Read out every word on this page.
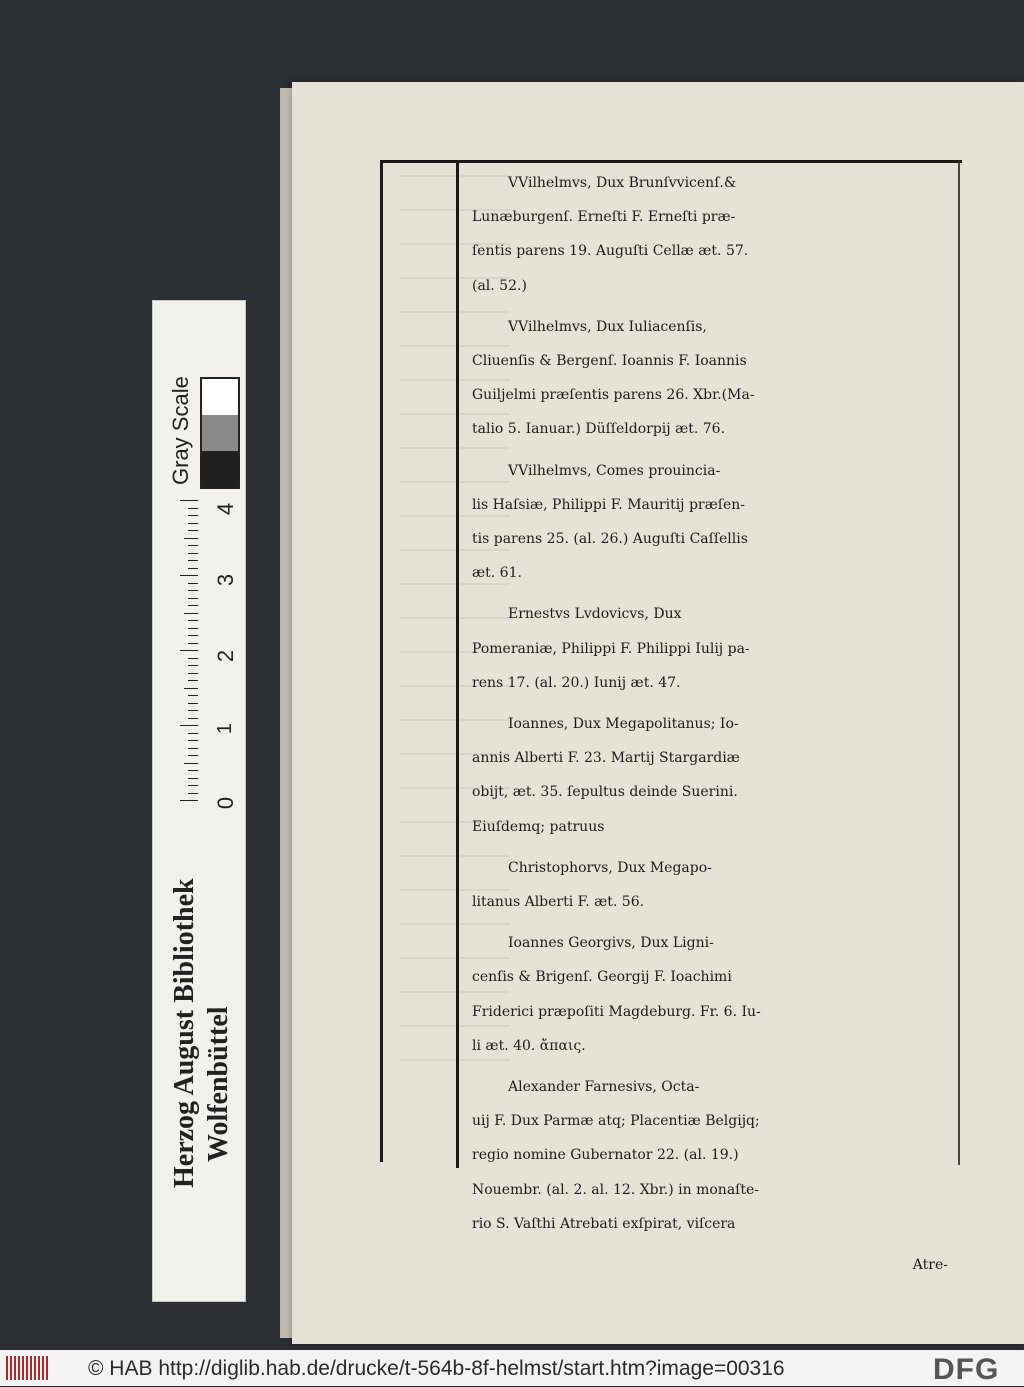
VVilhelmvs, Dux Brunſvvicenſ.&

Lunæburgenſ. Erneſti F. Erneſti præ-

ſentis parens 19. Auguſti Cellæ æt. 57.

(al. 52.)

VVilhelmvs, Dux Iuliacenſis,

Cliuenſis & Bergenſ. Ioannis F. Ioannis

Guiljelmi præſentis parens 26. Xbr.(Ma-

talio 5. Ianuar.) Düſſeldorpij æt. 76.

VVilhelmvs, Comes prouincia-

lis Haſsiæ, Philippi F. Mauritij præſen-

tis parens 25. (al. 26.) Auguſti Caſſellis

æt. 61.

Ernestvs Lvdovicvs, Dux

Pomeraniæ, Philippi F. Philippi Iulij pa-

rens 17. (al. 20.) Iunij æt. 47.

Ioannes, Dux Megapolitanus; Io-

annis Alberti F. 23. Martij Stargardiæ

obijt, æt. 35. ſepultus deinde Suerini.

Eiuſdemq; patruus

Christophorvs, Dux Megapo-

litanus Alberti F. æt. 56.

Ioannes Georgivs, Dux Ligni-

cenſis & Brigenſ. Georgij F. Ioachimi

Friderici præpoſiti Magdeburg. Fr. 6. Iu-

li æt. 40. ἄπαις.

Alexander Farnesivs, Octa-

uij F. Dux Parmæ atq; Placentiæ Belgijq;

regio nomine Gubernator 22. (al. 19.)

Nouembr. (al. 2. al. 12. Xbr.) in monaſte-

rio S. Vaſthi Atrebati exſpirat, viſcera

Atre-

Gray Scale
4
3
2
1
0
Herzog August Bibliothek Wolfenbüttel
© HAB http://diglib.hab.de/drucke/t-564b-8f-helmst/start.htm?image=00316	DFG
